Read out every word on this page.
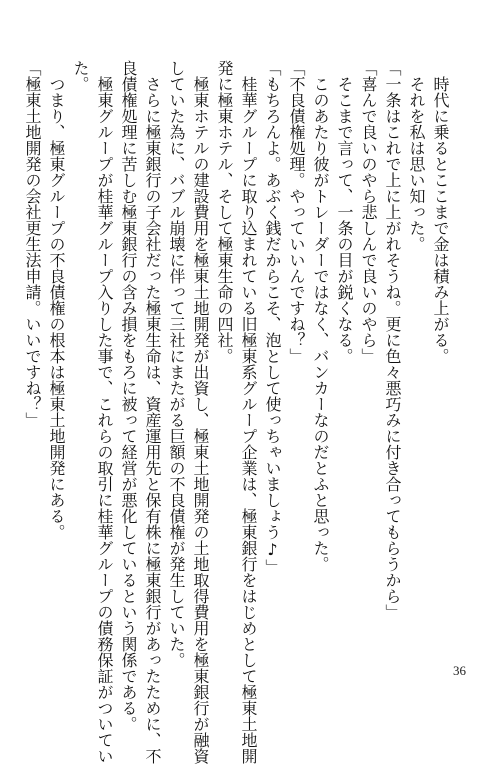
　時代に乗るとここまで金は積み上がる。

　それを私は思い知った。

「一条はこれで上に上がれそうね。更に色々悪巧みに付き合ってもらうから」

「喜んで良いのやら悲しんで良いのやら」

　そこまで言って、一条の目が鋭くなる。

　このあたり彼がトレーダーではなく、バンカーなのだとふと思った。

「不良債権処理。やっていいんですね？」

「もちろんよ。あぶく銭だからこそ、泡として使っちゃいましょう♪」

　桂華グループに取り込まれている旧極東系グループ企業は、極東銀行をはじめとして極東土地開

発に極東ホテル、そして極東生命の四社。

　極東ホテルの建設費用を極東土地開発が出資し、極東土地開発の土地取得費用を極東銀行が融資

していた為に、バブル崩壊に伴って三社にまたがる巨額の不良債権が発生していた。

　さらに極東銀行の子会社だった極東生命は、資産運用先と保有株に極東銀行があったために、不

良債権処理に苦しむ極東銀行の含み損をもろに被って経営が悪化しているという関係である。

　極東グループが桂華グループ入りした事で、これらの取引に桂華グループの債務保証がついてい

た。

　つまり、極東グループの不良債権の根本は極東土地開発にある。

「極東土地開発の会社更生法申請。いいですね？」

36
